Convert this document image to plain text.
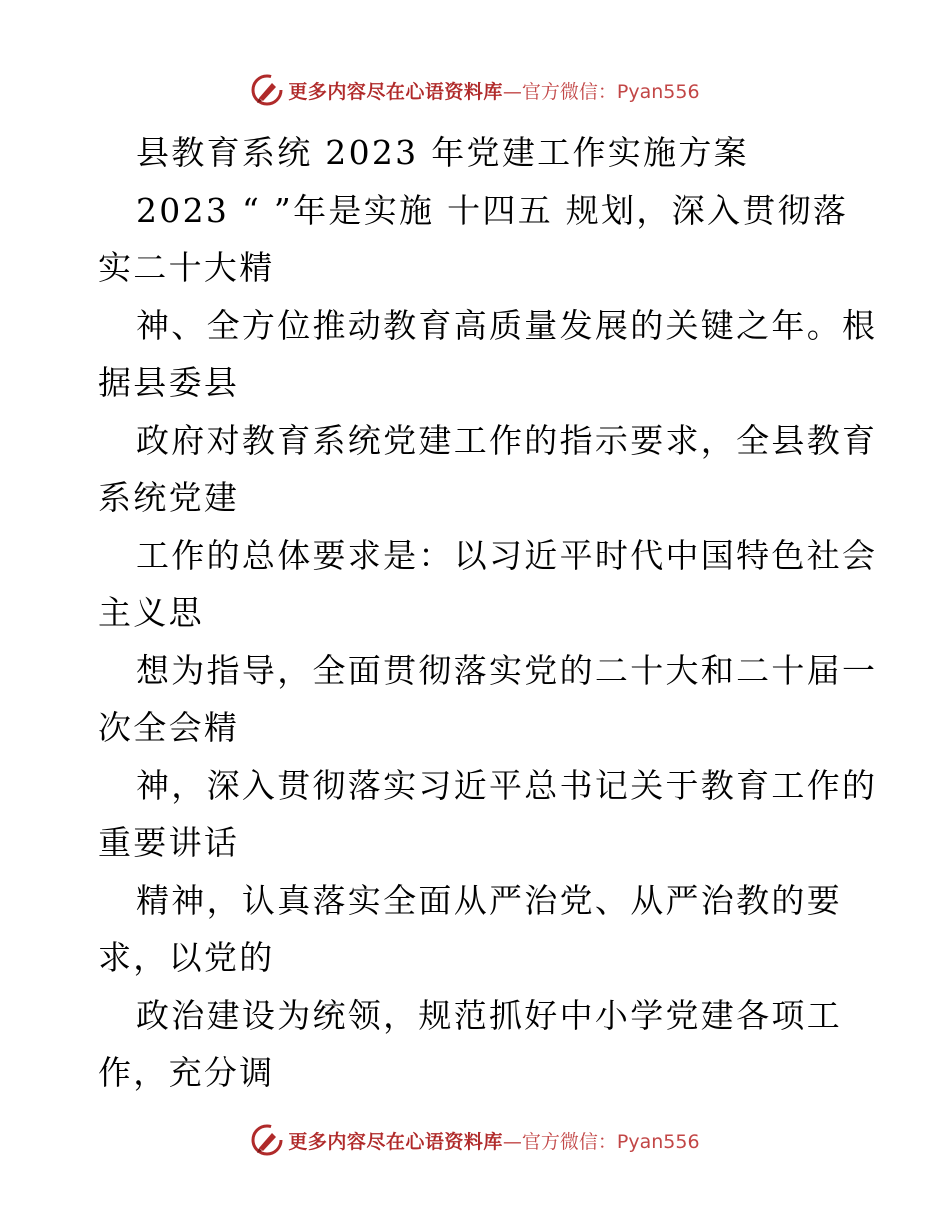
更多内容尽在心语资料库 —官方微信：Pyan556
县教育系统 2023 年党建工作实施方案
2023 “ ”年是实施 十四五 规划，深入贯彻落
实二十大精
神、全方位推动教育高质量发展的关键之年。根
据县委县
政府对教育系统党建工作的指示要求，全县教育
系统党建
工作的总体要求是：以习近平时代中国特色社会
主义思
想为指导，全面贯彻落实党的二十大和二十届一
次全会精
神，深入贯彻落实习近平总书记关于教育工作的
重要讲话
精神，认真落实全面从严治党、从严治教的要
求，以党的
政治建设为统领，规范抓好中小学党建各项工
作，充分调
更多内容尽在心语资料库 —官方微信：Pyan556
